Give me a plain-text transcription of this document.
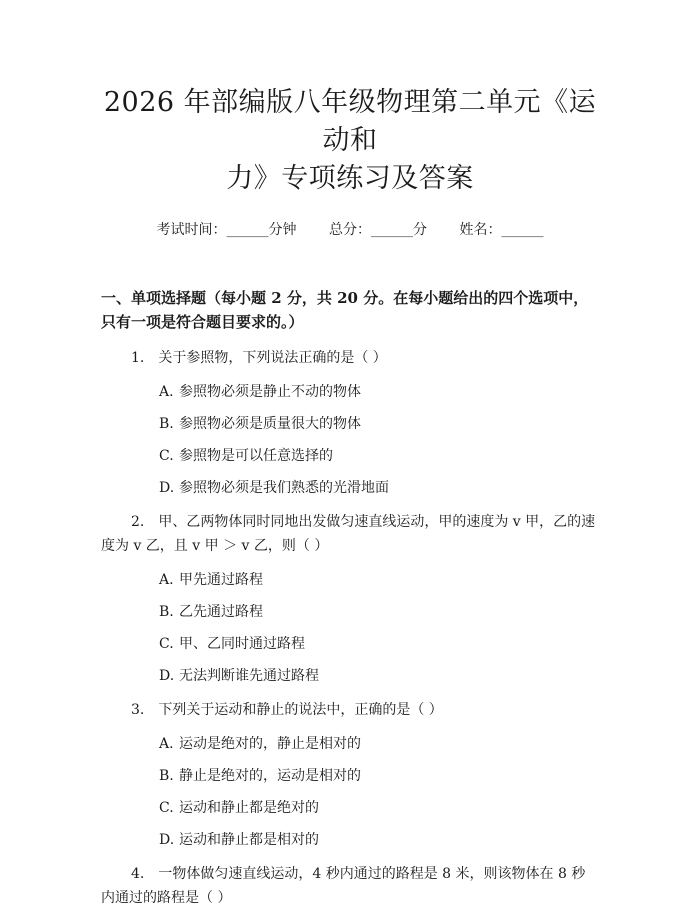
2026 年部编版八年级物理第二单元《运动和
力》专项练习及答案
考试时间：______分钟 总分：______分 姓名：______
一、单项选择题（每小题 2 分，共 20 分。在每小题给出的四个选项中，只有一项是符合题目要求的。）
1. 关于参照物，下列说法正确的是（ ）
A. 参照物必须是静止不动的物体
B. 参照物必须是质量很大的物体
C. 参照物是可以任意选择的
D. 参照物必须是我们熟悉的光滑地面
2. 甲、乙两物体同时同地出发做匀速直线运动，甲的速度为 v 甲，乙的速度为 v 乙，且 v 甲 ＞ v 乙，则（ ）
A. 甲先通过路程
B. 乙先通过路程
C. 甲、乙同时通过路程
D. 无法判断谁先通过路程
3. 下列关于运动和静止的说法中，正确的是（ ）
A. 运动是绝对的，静止是相对的
B. 静止是绝对的，运动是相对的
C. 运动和静止都是绝对的
D. 运动和静止都是相对的
4. 一物体做匀速直线运动，4 秒内通过的路程是 8 米，则该物体在 8 秒内通过的路程是（ ）
